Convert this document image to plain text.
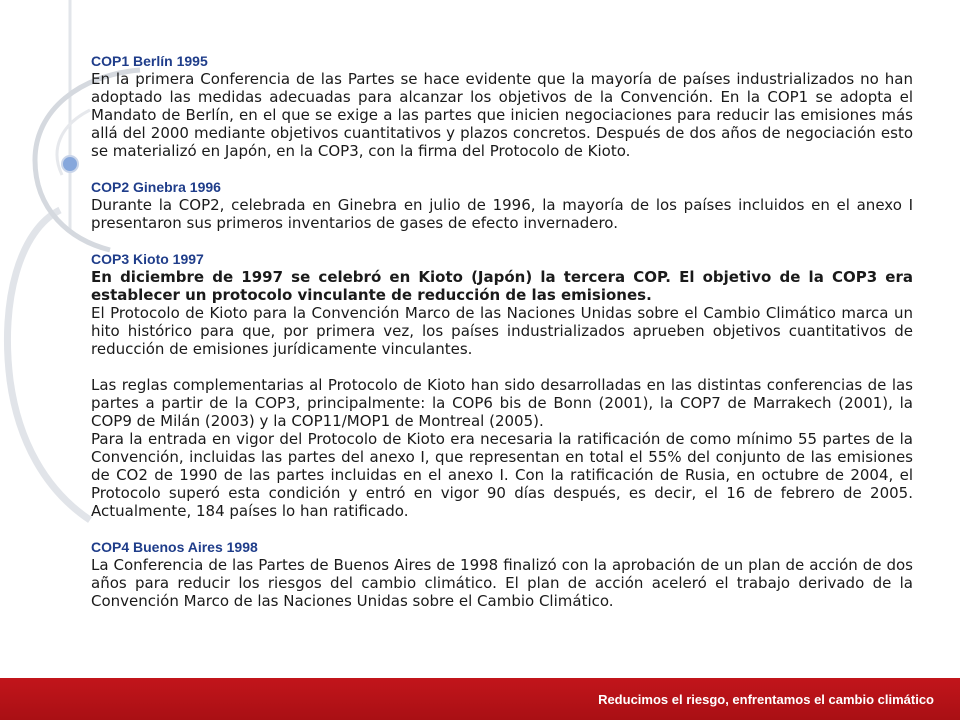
COP1 Berlín 1995

En la primera Conferencia de las Partes se hace evidente que la mayoría de países industrializados no han adoptado las medidas adecuadas para alcanzar los objetivos de la Convención. En la COP1 se adopta el Mandato de Berlín, en el que se exige a las partes que inicien negociaciones para reducir las emisiones más allá del 2000 mediante objetivos cuantitativos y plazos concretos. Después de dos años de negociación esto se materializó en Japón, en la COP3, con la firma del Protocolo de Kioto.

COP2 Ginebra 1996

Durante la COP2, celebrada en Ginebra en julio de 1996, la mayoría de los países incluidos en el anexo I presentaron sus primeros inventarios de gases de efecto invernadero.

COP3 Kioto 1997

En diciembre de 1997 se celebró en Kioto (Japón) la tercera COP. El objetivo de la COP3 era establecer un protocolo vinculante de reducción de las emisiones.

El Protocolo de Kioto para la Convención Marco de las Naciones Unidas sobre el Cambio Climático marca un hito histórico para que, por primera vez, los países industrializados aprueben objetivos cuantitativos de reducción de emisiones jurídicamente vinculantes.

Las reglas complementarias al Protocolo de Kioto han sido desarrolladas en las distintas conferencias de las partes a partir de la COP3, principalmente: la COP6 bis de Bonn (2001), la COP7 de Marrakech (2001), la COP9 de Milán (2003) y la COP11/MOP1 de Montreal (2005).

Para la entrada en vigor del Protocolo de Kioto era necesaria la ratificación de como mínimo 55 partes de la Convención, incluidas las partes del anexo I, que representan en total el 55% del conjunto de las emisiones de CO2 de 1990 de las partes incluidas en el anexo I. Con la ratificación de Rusia, en octubre de 2004, el Protocolo superó esta condición y entró en vigor 90 días después, es decir, el 16 de febrero de 2005. Actualmente, 184 países lo han ratificado.

COP4 Buenos Aires 1998

La Conferencia de las Partes de Buenos Aires de 1998 finalizó con la aprobación de un plan de acción de dos años para reducir los riesgos del cambio climático. El plan de acción aceleró el trabajo derivado de la Convención Marco de las Naciones Unidas sobre el Cambio Climático.

Reducimos el riesgo, enfrentamos el cambio climático
